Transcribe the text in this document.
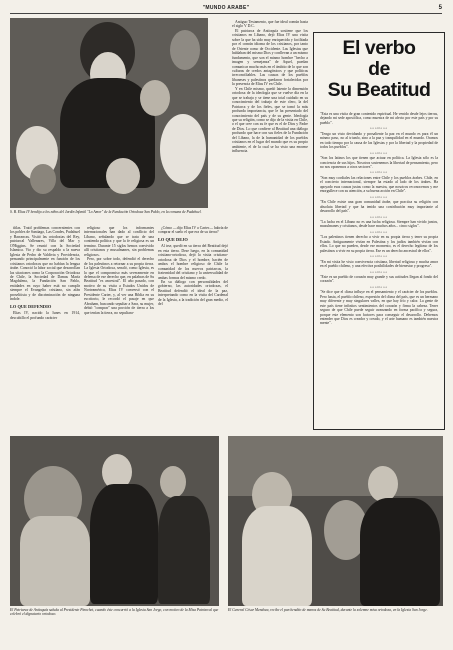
"MUNDO ARABE"	5
S. B. Elias IV bendijo a los niños del Jardín Infantil "Lo Amor" de la Fundación Ortodoxa San Pablo, en la comuna de Pudahuel.

títlas. Tratd problemas concernientes con los pobles de Santiago, Las Condes, Pudahuel y Barrancas. Visitó las ortodoxias del Rey, patriarcal Vallenares, Villa del Mar y O'Higgins. Se reunió con la Sociedad Islamica. Vio y dio su respaldo a la nueva Iglesia de Pedro de Valdivia y Providencia, pensando principalmente en función de los cristianos ortodoxos que no habían la lengua árabe. Conoció la labor social que desarrollan las sitaciones como la Corporación Ortodoxa de Chile, la Sociedad de Damas María Magdalena, la Fundación San Pablo, entidades en cuyo haber está no cumplir siempre el Evangelio cristiano, sin afán proselitista y de discriminación de ninguna índole.

LO QUE DEFENDIO

Elias IV, nacido la Iunes en 1914, descubillo el profundo carácter

religioso que los informantes internacionales han dado al conflicto del Líbano, señalando que se trata de una contienda política y que la fe religiosa es un termino. Durante 15 siglos hemos convivido allí cristianos y musulmanes, sin problemas religiosos.

Pero, por sobre todo, defendió el derecho de los palestinos a retornar a su propia tierra. La Iglesia Ortodoxa, senaló, como Iglesia, es la que el compromiso más severamente en defensa de ese derecho que, en palabras de Su Beatitud "es ancestral". El año pasado, con motivo de su visita a Estados Unidos de Norteamérica, Elias IV conversó con el Presidente Carter, y, al ver una Biblia en su escritorio, le recordó el pasaje en que Abraham, buscando sepultar a Sara, su mujer, debió "comprar" una porción de tierra a los que tenían la tierra, no sepultara-

¿Cómo —dijo Elías IV a Carter— habría de comprar el suelo el que era de su tierra?

LO QUE DEJO

Al irse, quedó en su tierra del Beatitud dejó en esta tierra. Dese luego, en la comunidad cristiano-ortodoxa, dejó la visita cristiano-ortodoxa de Dios y el hombre, hacién de ambos el hombre religioso de Chile la comunidad de los nuevos patriarcas, la fraternidad del cristiano y la universalidad de ambas formas del mismo credo.

En su diálogo con personalidades del gobierno, las autoridades ortodoxas, el Beatitud defendió el ideal de la paz, interpretando como en la visita del Cardenal de la Iglesia, a la tradición del gran medio, el del

Antiguo Testamento, que fue ideal común hasta el siglo V D.C.

El patriarca de Antioquía sostiene que los cristianos en Líbano, dejó Elias IV una visita sobre la que ha sido muy enriquecida y facilitada por el común idioma de los cristianos, por tanto de Oriente como de Occidente. Las Iglesias que hablaban del mismo Dios y conllevan a un mismo fundamento, que son el mismo hombre "hecho a imagen y semejanza" de Aquel, puedan comunicar mucho más en el ámbito de lo que son culturas de credos antagónicos y que políticas irreconciliables. Las causas de los pueblos libaneses y palestinos quedaron fortalecidas por la presencia de Elias IV en Chile.

Y en Chile mismo, quedó latente la dimensión ortodoxa de la ideología que se vuelve día en la que se trabaja y se tiene una total cuidado en su conocimiento del trabajo de este clero, la del Patriarca y de los fieles, que se tomó la más profunda importancia, que le ha presentado del conocimiento del país y de su gente. Ideología que su religión, como se dijo de la visita en Chile, o el que cree con su fe que es el de Dios y Padre de Dios. Lo que confiere al Beatitud una diálogo profundo que hace con sus fieles de la Fundación del Líbano, la de la humanidad de los pueblos cristianos en el lugar del mundo que es su propio ambiente, el de la cual se ha visto una enorme influencia.

El verbo
de
Su Beatitud

"Esta es una visita de gran contenido espiritual. He venido desde lejos tierras, dejando mi sede apostólica, como muestra de mi afecto por este país y por su pueblo".

oooOooo

"Tengo un visto devidando y prosaliente la paz en el mundo es para él un mismo paso, no al triunfo, sino a la paz y tranquilidad en el mundo. Oramos en todo tiempo por la causa de las Iglesias y por la libertad y la propiedad de todos los pueblos".

oooOooo

"Son los latinos los que tienen que actuar en política. La Iglesia sólo es la conciencia de sus hijos. Nosotros sostenemos la libertad de pensamiento, pero no nos oponemos a otros sectores".

oooOooo

"Son muy cordiales las relaciones entre Chile y los pueblos árabes. Chile, en el concierto internacional, siempre ha estado al lado de los árabes. Ha apoyado esas causas justas como la nuestra, que nosotros reconocemos y me enorgullece con su atención, a su buena acción en Chile".

oooOooo

"En Chile existe una gran comunidad árabe, que practica su religión con absoluta libertad y que ha tenido una contribución muy importante al desarrollo del país".

oooOooo

"La lucha en el Líbano no es una lucha religiosa. Siempre han vivido juntos, musulmanes y cristianos, desde hace muchos años... cinco siglos".

oooOooo

"Los palestinos tienen derecho a vivir en su propia tierra y tener su propia Estado. Antiguamente vivían en Palestina y los judíos también vivían con ellos. Lo que no pueden, desde ese momento, es el derecho legítimo de los palestinos a vivir en su propia tierra. Ese es un derecho ancestral de ellos".

oooOooo

"En mi visita he visto convivencia cristiana, libertad religiosa y mucha amor en el pueblo chileno, y una efectiva posibilidades de bienestar y progreso".

oooOooo

"Este es un pueblo de corazón muy grande y sus actitudes llegan al fondo del corazón".

oooOooo

"Se dice que el clima influye en el pensamiento y el carácter de los pueblos. Pero hasta, el pueblo chileno, expresión del clima del país, que es un hermano muy diferente y muy singulares valles, en que hay frío y calor. La gente de este país tiene infinitos sentimientos del corazón y firma la cabeza. Tener seguro de que Chile puede seguir avanzando en forma pacífica y segura, porque este elemento son factores para conseguir el desarrollo. Debemos entender que Dios es creador y creado, y el arte humano es también nuestra mente".

El Patriarca de Antioquía saluda al Presidente Pinochet, cuando éste concurrió a la Iglesia San Jorge, con motivo de la Misa Patriarcal que celebró el dignatario ortodoxo.
El General César Mendoza, recibe el pan bendito de manos de Su Beatitud, durante la solemne misa ortodoxa, en la Iglesia San Jorge.
